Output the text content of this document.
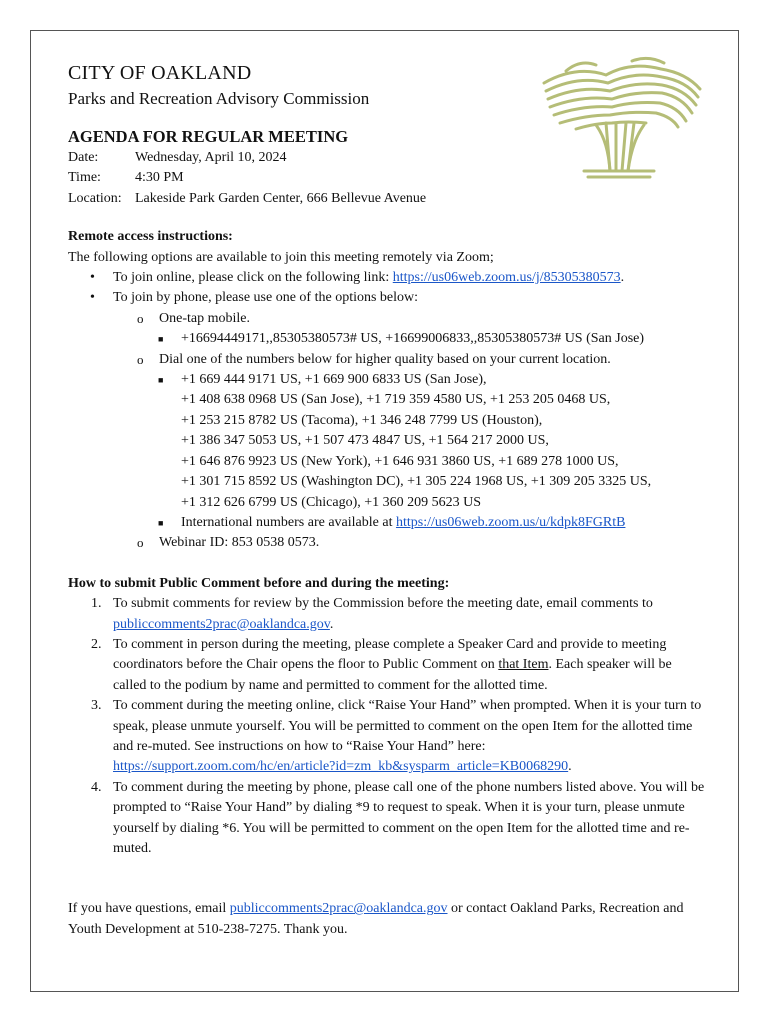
CITY OF OAKLAND
Parks and Recreation Advisory Commission
AGENDA FOR REGULAR MEETING
Date:	Wednesday, April 10, 2024
Time:	4:30 PM
Location: Lakeside Park Garden Center, 666 Bellevue Avenue
Remote access instructions:
The following options are available to join this meeting remotely via Zoom;
• To join online, please click on the following link: https://us06web.zoom.us/j/85305380573.
• To join by phone, please use one of the options below:
o One-tap mobile.
■ +16694449171,,85305380573# US, +16699006833,,85305380573# US (San Jose)
o Dial one of the numbers below for higher quality based on your current location.
■ +1 669 444 9171 US, +1 669 900 6833 US (San Jose),
+1 408 638 0968 US (San Jose), +1 719 359 4580 US, +1 253 205 0468 US,
+1 253 215 8782 US (Tacoma), +1 346 248 7799 US (Houston),
+1 386 347 5053 US, +1 507 473 4847 US, +1 564 217 2000 US,
+1 646 876 9923 US (New York), +1 646 931 3860 US, +1 689 278 1000 US,
+1 301 715 8592 US (Washington DC), +1 305 224 1968 US, +1 309 205 3325 US,
+1 312 626 6799 US (Chicago), +1 360 209 5623 US
■ International numbers are available at https://us06web.zoom.us/u/kdpk8FGRtB
o Webinar ID: 853 0538 0573.
How to submit Public Comment before and during the meeting:
1. To submit comments for review by the Commission before the meeting date, email comments to publiccomments2prac@oaklandca.gov.
2. To comment in person during the meeting, please complete a Speaker Card and provide to meeting coordinators before the Chair opens the floor to Public Comment on that Item. Each speaker will be called to the podium by name and permitted to comment for the allotted time.
3. To comment during the meeting online, click “Raise Your Hand” when prompted. When it is your turn to speak, please unmute yourself. You will be permitted to comment on the open Item for the allotted time and re-muted. See instructions on how to “Raise Your Hand” here: https://support.zoom.com/hc/en/article?id=zm_kb&sysparm_article=KB0068290.
4. To comment during the meeting by phone, please call one of the phone numbers listed above. You will be prompted to “Raise Your Hand” by dialing *9 to request to speak. When it is your turn, please unmute yourself by dialing *6. You will be permitted to comment on the open Item for the allotted time and re-muted.
If you have questions, email publiccomments2prac@oaklandca.gov or contact Oakland Parks, Recreation and Youth Development at 510-238-7275. Thank you.
